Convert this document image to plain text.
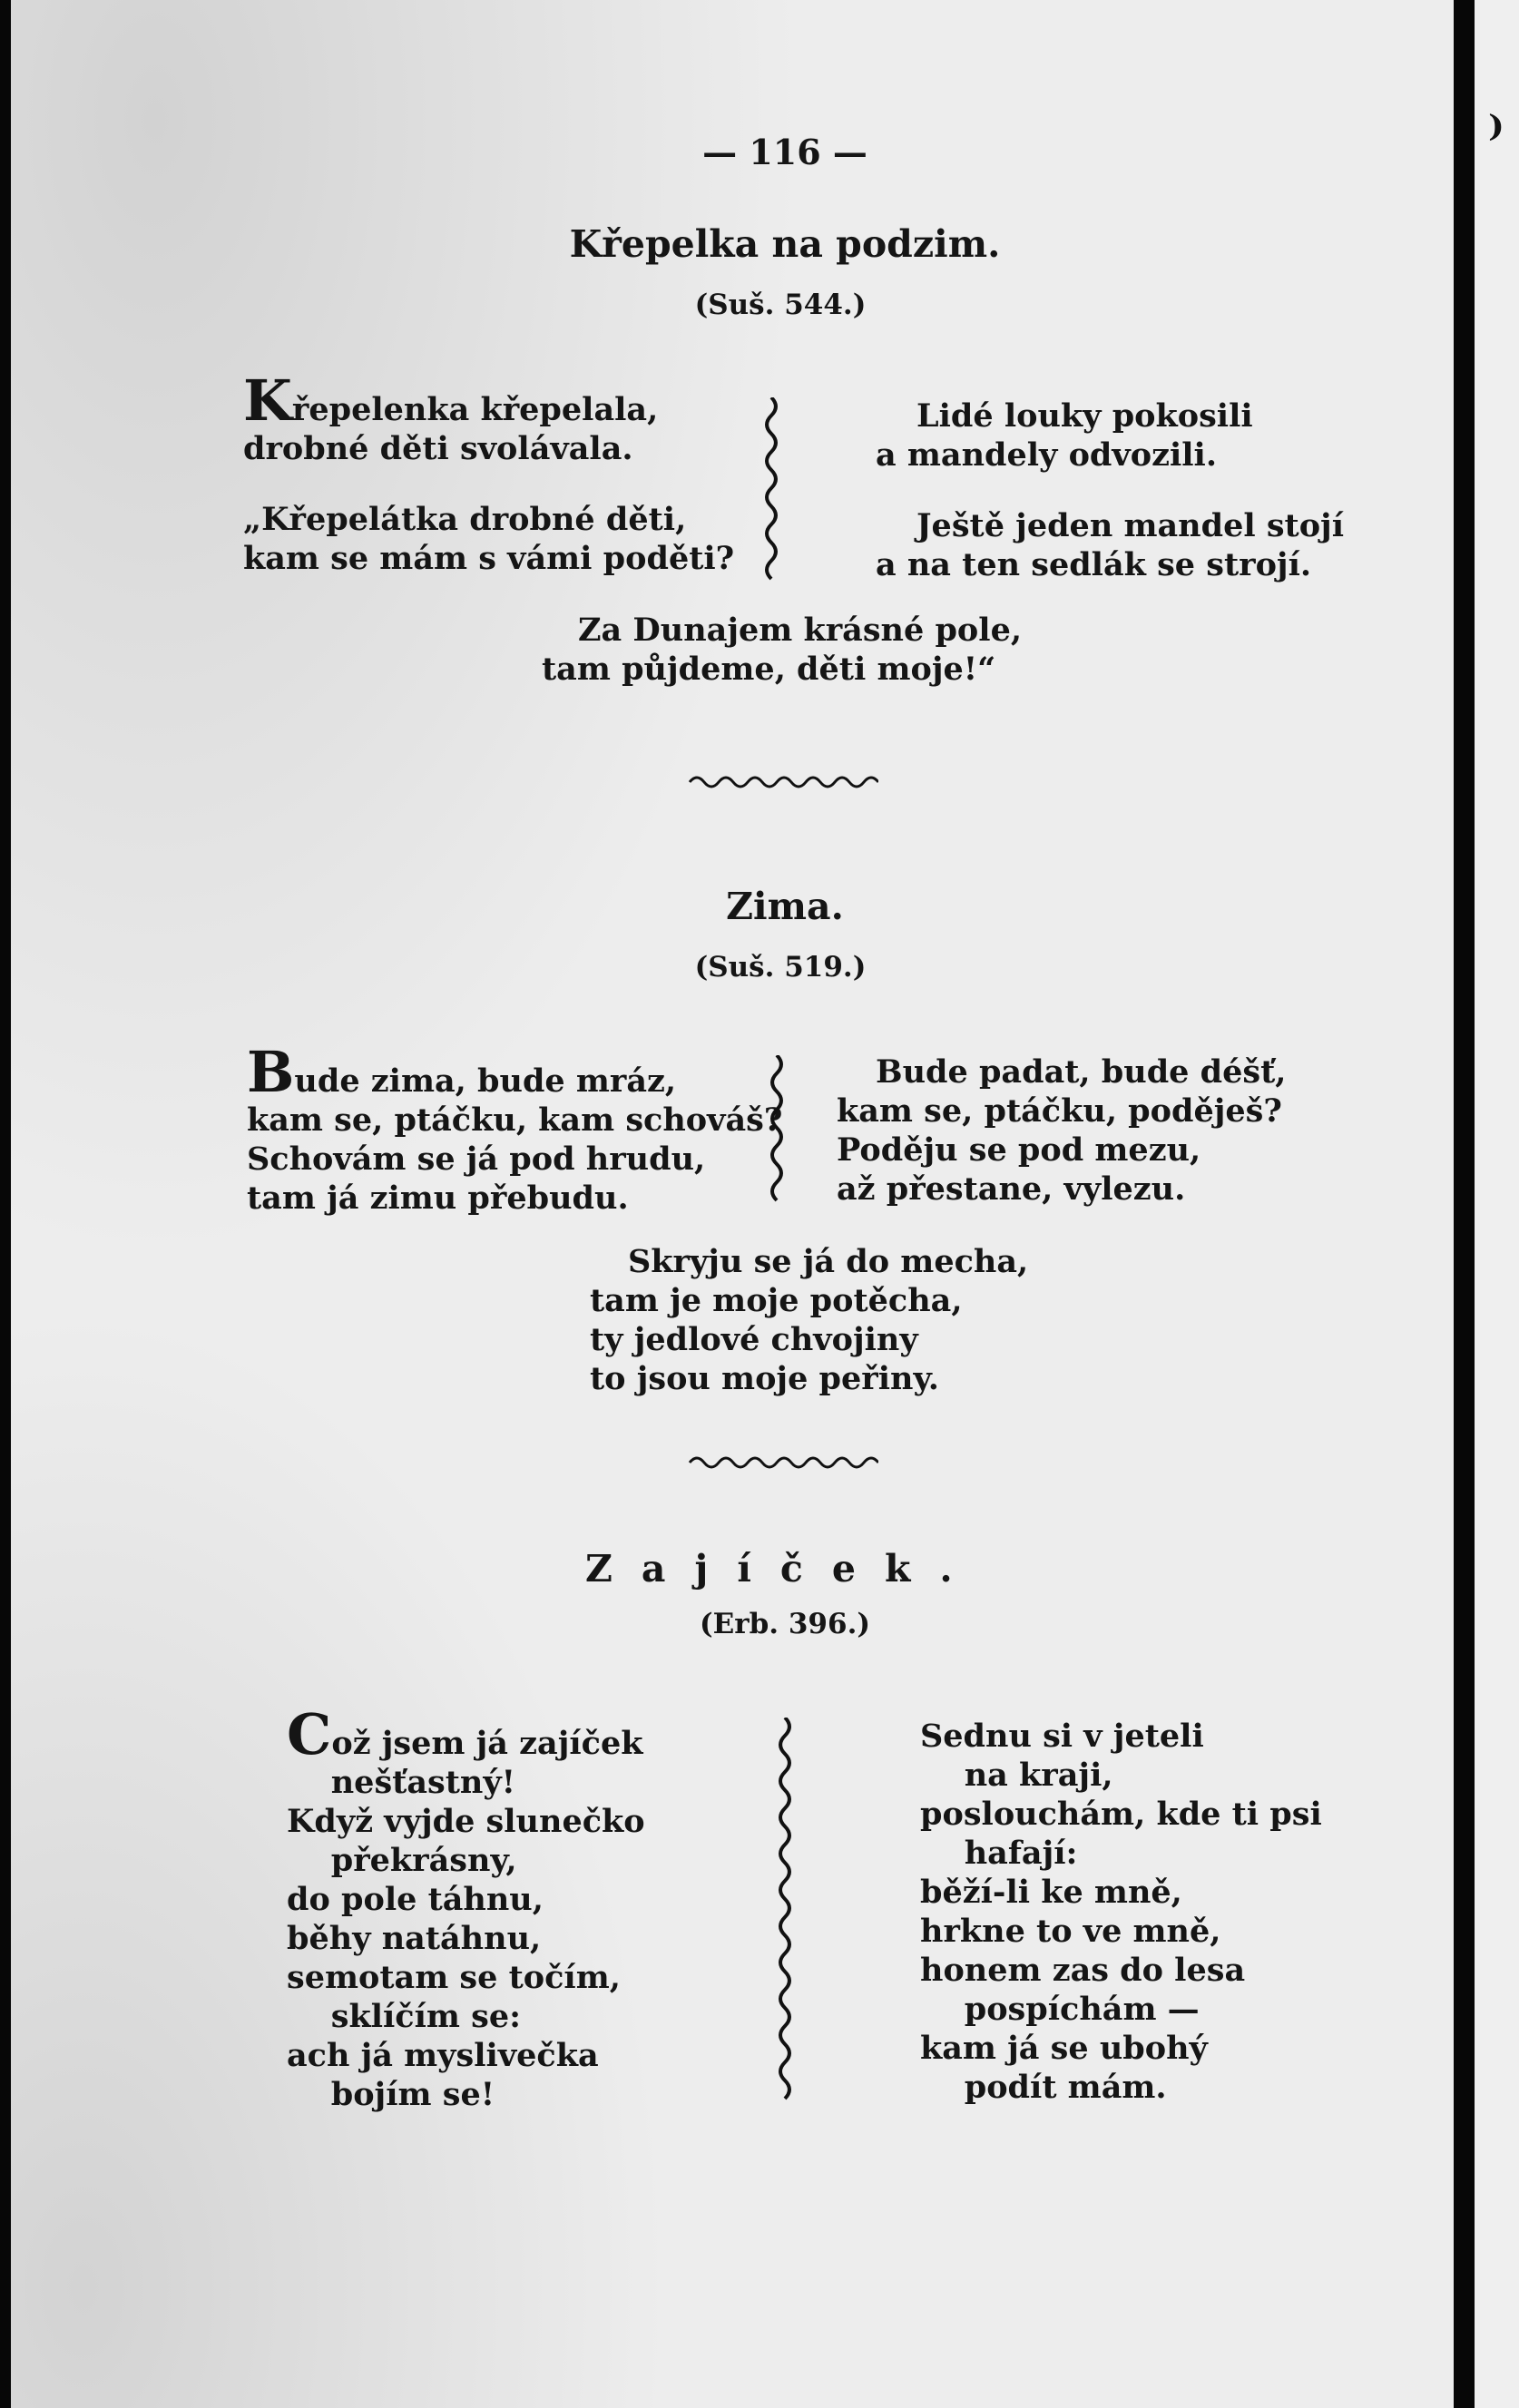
⁾
— 116 —
Křepelka na podzim.
(Suš. 544.)
Křepelenka křepelala,
drobné děti svolávala.
„Křepelátka drobné děti,
kam se mám s vámi poděti?
Lidé louky pokosili
a mandely odvozili.
Ještě jeden mandel stojí
a na ten sedlák se strojí.
Za Dunajem krásné pole,
tam půjdeme, děti moje!“
Zima.
(Suš. 519.)
Bude zima, bude mráz,
kam se, ptáčku, kam schováš?
Schovám se já pod hrudu,
tam já zimu přebudu.
Bude padat, bude déšť,
kam se, ptáčku, poděješ?
Poděju se pod mezu,
až přestane, vylezu.
Skryju se já do mecha,
tam je moje potěcha,
ty jedlové chvojiny
to jsou moje peřiny.
Zajíček.
(Erb. 396.)
Což jsem já zajíček
nešťastný!
Když vyjde slunečko
překrásny,
do pole táhnu,
běhy natáhnu,
semotam se točím,
sklíčím se:
ach já myslivečka
bojím se!
Sednu si v jeteli
na kraji,
poslouchám, kde ti psi
hafají:
běží-li ke mně,
hrkne to ve mně,
honem zas do lesa
pospíchám —
kam já se ubohý
podít mám.
